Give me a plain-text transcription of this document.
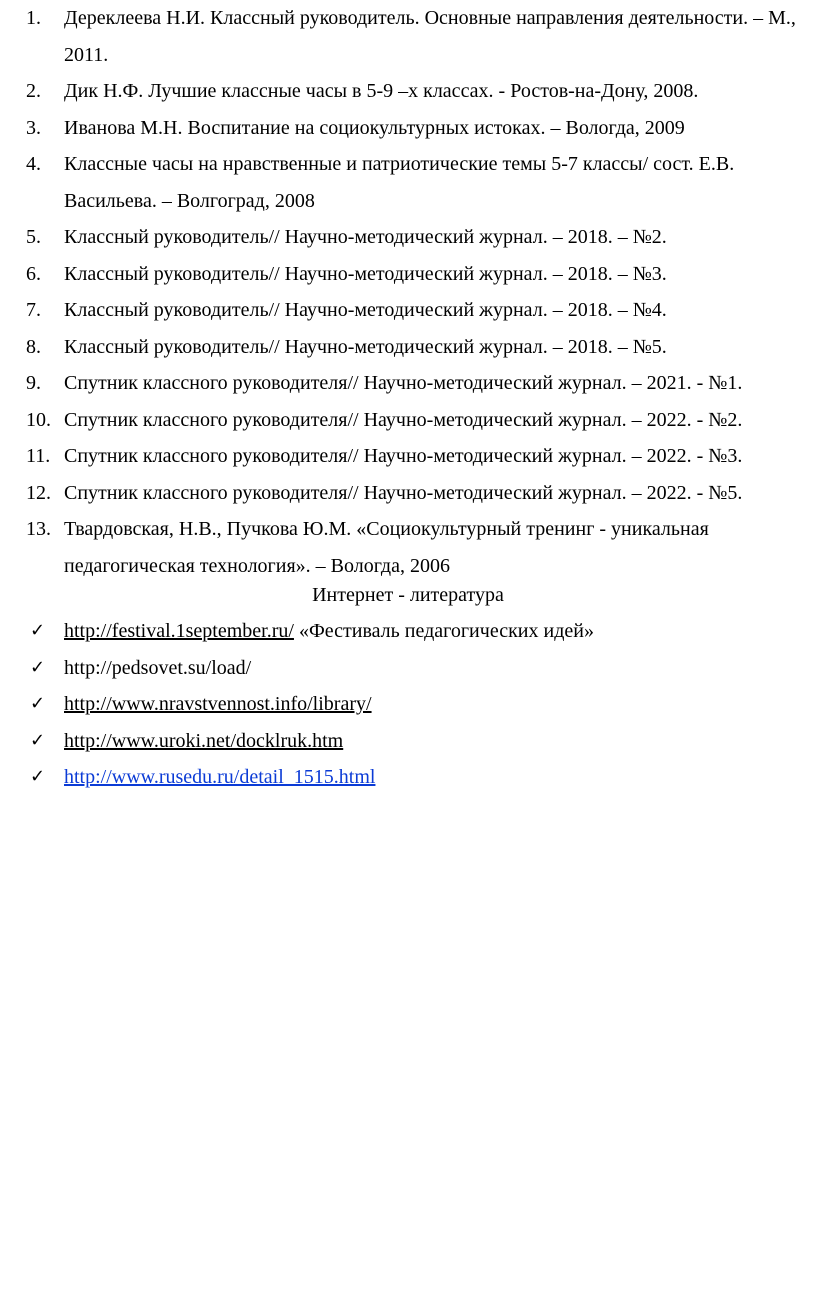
1. Дереклеева Н.И. Классный руководитель. Основные направления деятельности. – М., 2011.
2. Дик Н.Ф. Лучшие классные часы в 5-9 –х классах. - Ростов-на-Дону, 2008.
3. Иванова М.Н. Воспитание на социокультурных истоках. – Вологда, 2009
4. Классные часы на нравственные и патриотические темы 5-7 классы/ сост. Е.В. Васильева. – Волгоград, 2008
5. Классный руководитель// Научно-методический журнал. – 2018. – №2.
6. Классный руководитель// Научно-методический журнал. – 2018. – №3.
7. Классный руководитель// Научно-методический журнал. – 2018. – №4.
8. Классный руководитель// Научно-методический журнал. – 2018. – №5.
9. Спутник классного руководителя// Научно-методический журнал. – 2021. - №1.
10. Спутник классного руководителя// Научно-методический журнал. – 2022. - №2.
11. Спутник классного руководителя// Научно-методический журнал. – 2022. - №3.
12. Спутник классного руководителя// Научно-методический журнал. – 2022. - №5.
13. Твардовская, Н.В., Пучкова Ю.М. «Социокультурный тренинг - уникальная педагогическая технология». – Вологда, 2006
Интернет - литература
✓ http://festival.1september.ru/ «Фестиваль педагогических идей»
✓ http://pedsovet.su/load/
✓ http://www.nravstvennost.info/library/
✓ http://www.uroki.net/docklruk.htm
✓ http://www.rusedu.ru/detail_1515.html
